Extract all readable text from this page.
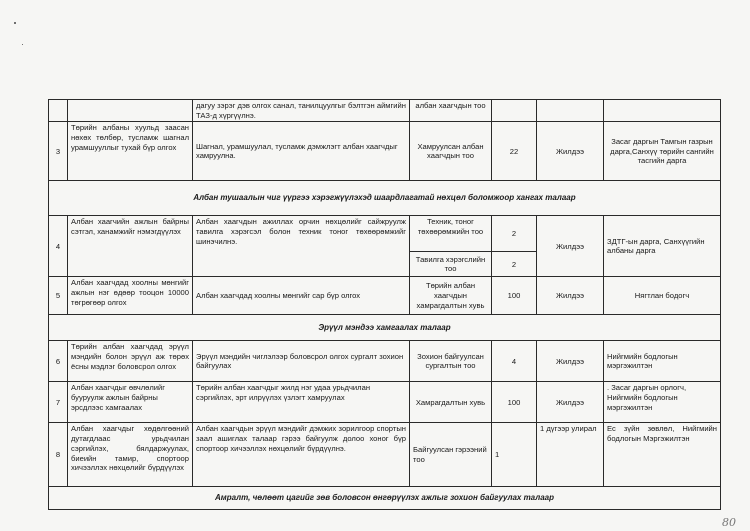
		дагуу зэрэг дэв олгох санал, танилцуулгыг бэлтгэн аймгийн ТАЗ-д хүргүүлнэ.	албан хаагчдын тоо			
3	Төрийн албаны хуульд заасан нөхөх төлбөр, тусламж шагнал урамшууллыг тухай бүр олгох	Шагнал, урамшуулал, тусламж дэмжлэгт албан хаагчдыг хамруулна.	Хамруулсан албан хаагчдын тоо	22	Жилдээ	Засаг даргын Тамгын газрын дарга,Санхүү төрийн сангийн тасгийн дарга
Албан тушаалын чиг үүргээ хэрэгжүүлэхэд шаардлагатай нөхцөл боломжоор хангах талаар						
4	Албан хаагчийн ажлын байрны сэтгэл, ханамжийг нэмэгдүүлэх	Албан хаагчдын ажиллах орчин нөхцөлийг сайжруулж тавилга хэрэгсэл болон техник тоног төхөөрөмжийг шинэчилнэ.	Техник, тоног төхөөрөмжийн тоо	2	Жилдээ	ЗДТГ-ын дарга, Санхүүгийн албаны дарга
			Тавилга хэрэгслийн тоо	2		
5	Албан хаагчдад хоолны мөнгийг ажлын нэг өдөөр тооцон 10000 төгрөгөөр олгох	Албан хаагчдад хоолны мөнгийг сар бүр олгох	Төрийн албан хаагчдын хамрагдалтын хувь	100	Жилдээ	Нягтлан бодогч
Эрүүл мэндээ хамгаалах талаар						
6	Төрийн албан хаагчдад эрүүл мэндийн болон эрүүл аж төрөх ёсны мэдлэг боловсрол олгох	Эрүүл мэндийн чиглэлээр боловсрол олгох сургалт зохион байгуулах	Зохион байгуулсан сургалтын тоо	4	Жилдээ	Нийгмийн бодлогын мэргэжилтэн
7	Албан хаагчдыг өвчлөлийг бууруулж ажлын байрны эрсдлээс хамгаалах	Төрийн албан хаагчдыг жилд нэг удаа урьдчилан сэргийлэх, эрт илрүүлэх үзлэгт хамруулах	Хамрагдалтын хувь	100	Жилдээ	. Засаг даргын орлогч, Нийгмийн бодлогын мэргэжилтэн
8	Албан хаагчдыг хөдөлгөөний дутагдлаас урьдчилан сэргийлэх, бялдаржуулах, биеийн тамир, спортоор хичээллэх нөхцөлийг бүрдүүлэх	Албан хаагчдын эрүүл мэндийг дэмжих зорилгоор спортын заал ашиглах талаар гэрээ байгуулж долоо хоног бүр спортоор хичээллэх нөхцөлийг бүрдүүлнэ.	Байгуулсан гэрээний тоо	1	1 дүгээр улирал	Ес зүйн зөвлөл, Нийгмийн бодлогын Мэргэжилтэн
Амралт, чөлөөт цагийг зөв боловсон өнгөрүүлэх ажлыг зохион байгуулах талаар						
80
